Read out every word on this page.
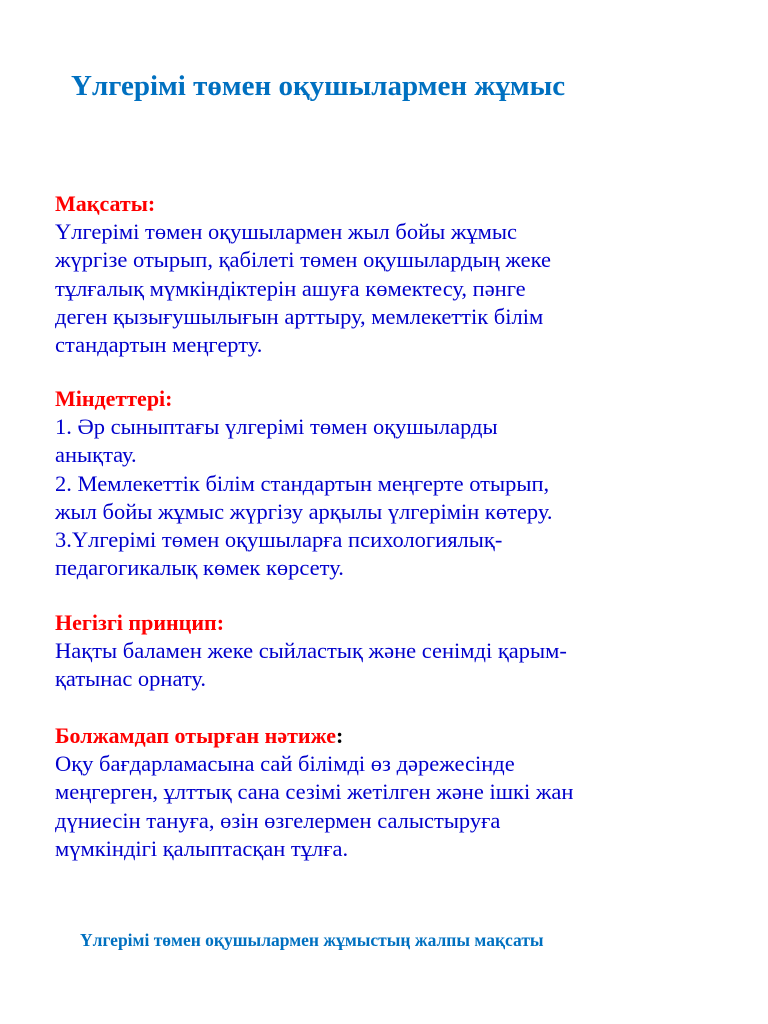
Үлгерімі төмен оқушылармен жұмыс

Мақсаты:

Үлгерімі төмен оқушылармен жыл бойы жұмыс
жүргізе отырып, қабілеті төмен оқушылардың жеке
тұлғалық мүмкіндіктерін ашуға көмектесу, пәнге
деген қызығушылығын арттыру, мемлекеттік білім
стандартын меңгерту.

Міндеттері:

1. Әр сыныптағы үлгерімі төмен оқушыларды
анықтау.
2. Мемлекеттік білім стандартын меңгерте отырып,
жыл бойы жұмыс жүргізу арқылы үлгерімін көтеру.
3.Үлгерімі төмен оқушыларға психологиялық-
педагогикалық көмек көрсету.

Негізгі принцип:

Нақты баламен жеке сыйластық және сенімді қарым-
қатынас орнату.

Болжамдап отырған нәтиже:

Оқу бағдарламасына сай білімді өз дәрежесінде
меңгерген, ұлттық сана сезімі жетілген және ішкі жан
дүниесін тануға, өзін өзгелермен салыстыруға
мүмкіндігі қалыптасқан тұлға.

Үлгерімі төмен оқушылармен жұмыстың жалпы мақсаты
